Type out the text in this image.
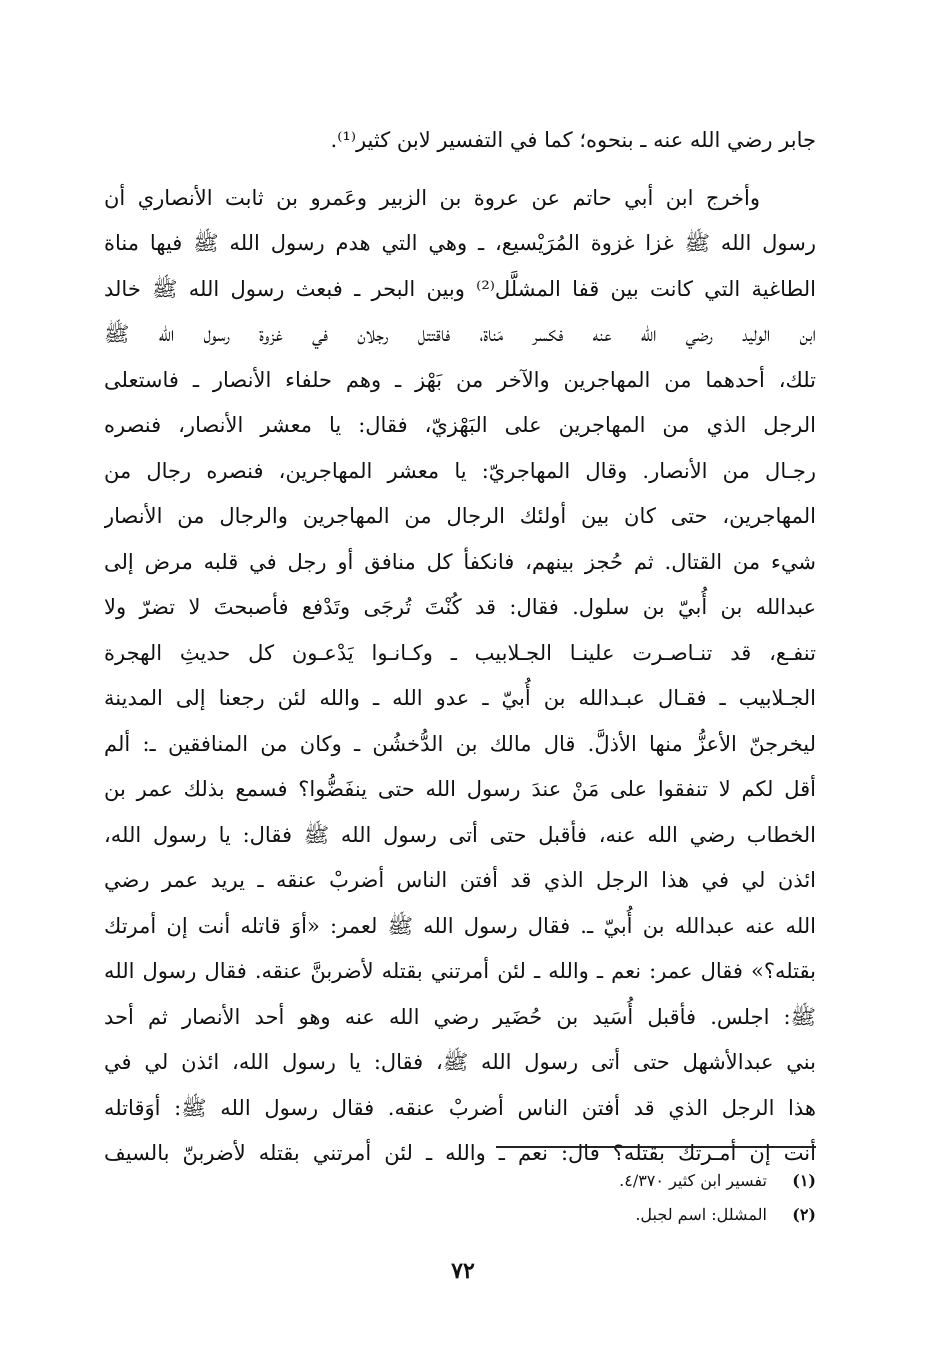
جابر رضي الله عنه ـ بنحوه؛ كما في التفسير لابن كثير⁽¹⁾.
وأخرج ابن أبي حاتم عن عروة بن الزبير وعَمرو بن ثابت الأنصاري أن
رسول الله ﷺ غزا غزوة المُرَيْسيع، ـ وهي التي هدم رسول الله ﷺ فيها مناة
الطاغية التي كانت بين قفا المشلَّل⁽²⁾ وبين البحر ـ فبعث رسول الله ﷺ خالد
ابن الوليد رضي الله عنه فكسر مَناة، فاقتتل رجلان في غزوة رسول الله ﷺ
تلك، أحدهما من المهاجرين والآخر من بَهْز ـ وهم حلفاء الأنصار ـ فاستعلى
الرجل الذي من المهاجرين على البَهْزيّ، فقال: يا معشر الأنصار، فنصره
رجـال من الأنصار. وقال المهاجريّ: يا معشر المهاجرين، فنصره رجال من
المهاجرين، حتى كان بين أولئك الرجال من المهاجرين والرجال من الأنصار
شيء من القتال. ثم حُجز بينهم، فانكفأ كل منافق أو رجل في قلبه مرض إلى
عبدالله بن أُبيّ بن سلول. فقال: قد كُنْتَ تُرجَى وتَدْفع فأصبحتَ لا تضرّ ولا
تنفـع، قد تنـاصـرت علينـا الجـلابيب ـ وكـانـوا يَدْعـون كل حديثِ الهجرة
الجـلابيب ـ فقـال عبـدالله بن أُبيّ ـ عدو الله ـ والله لئن رجعنا إلى المدينة
ليخرجنّ الأعزُّ منها الأذلَّ. قال مالك بن الدُّخشُن ـ وكان من المنافقين ـ: ألم
أقل لكم لا تنفقوا على مَنْ عندَ رسول الله حتى ينفَضُّوا؟ فسمع بذلك عمر بن
الخطاب رضي الله عنه، فأقبل حتى أتى رسول الله ﷺ فقال: يا رسول الله،
ائذن لي في هذا الرجل الذي قد أفتن الناس أضربْ عنقه ـ يريد عمر رضي
الله عنه عبدالله بن أُبيّ ـ. فقال رسول الله ﷺ لعمر: «أوَ قاتله أنت إن أمرتك
بقتله؟» فقال عمر: نعم ـ والله ـ لئن أمرتني بقتله لأضربنَّ عنقه. فقال رسول الله
ﷺ: اجلس. فأقبل أُسَيد بن حُضَير رضي الله عنه وهو أحد الأنصار ثم أحد
بني عبدالأشهل حتى أتى رسول الله ﷺ، فقال: يا رسول الله، ائذن لي في
هذا الرجل الذي قد أفتن الناس أضربْ عنقه. فقال رسول الله ﷺ: أوَقاتله
أنت إن أمـرتك بقتله؟ قال: نعم ـ والله ـ لئن أمرتني بقتله لأضربنّ بالسيف
(١) تفسير ابن كثير ٤/٣٧٠.
(٢) المشلل: اسم لجبل.
٧٢
